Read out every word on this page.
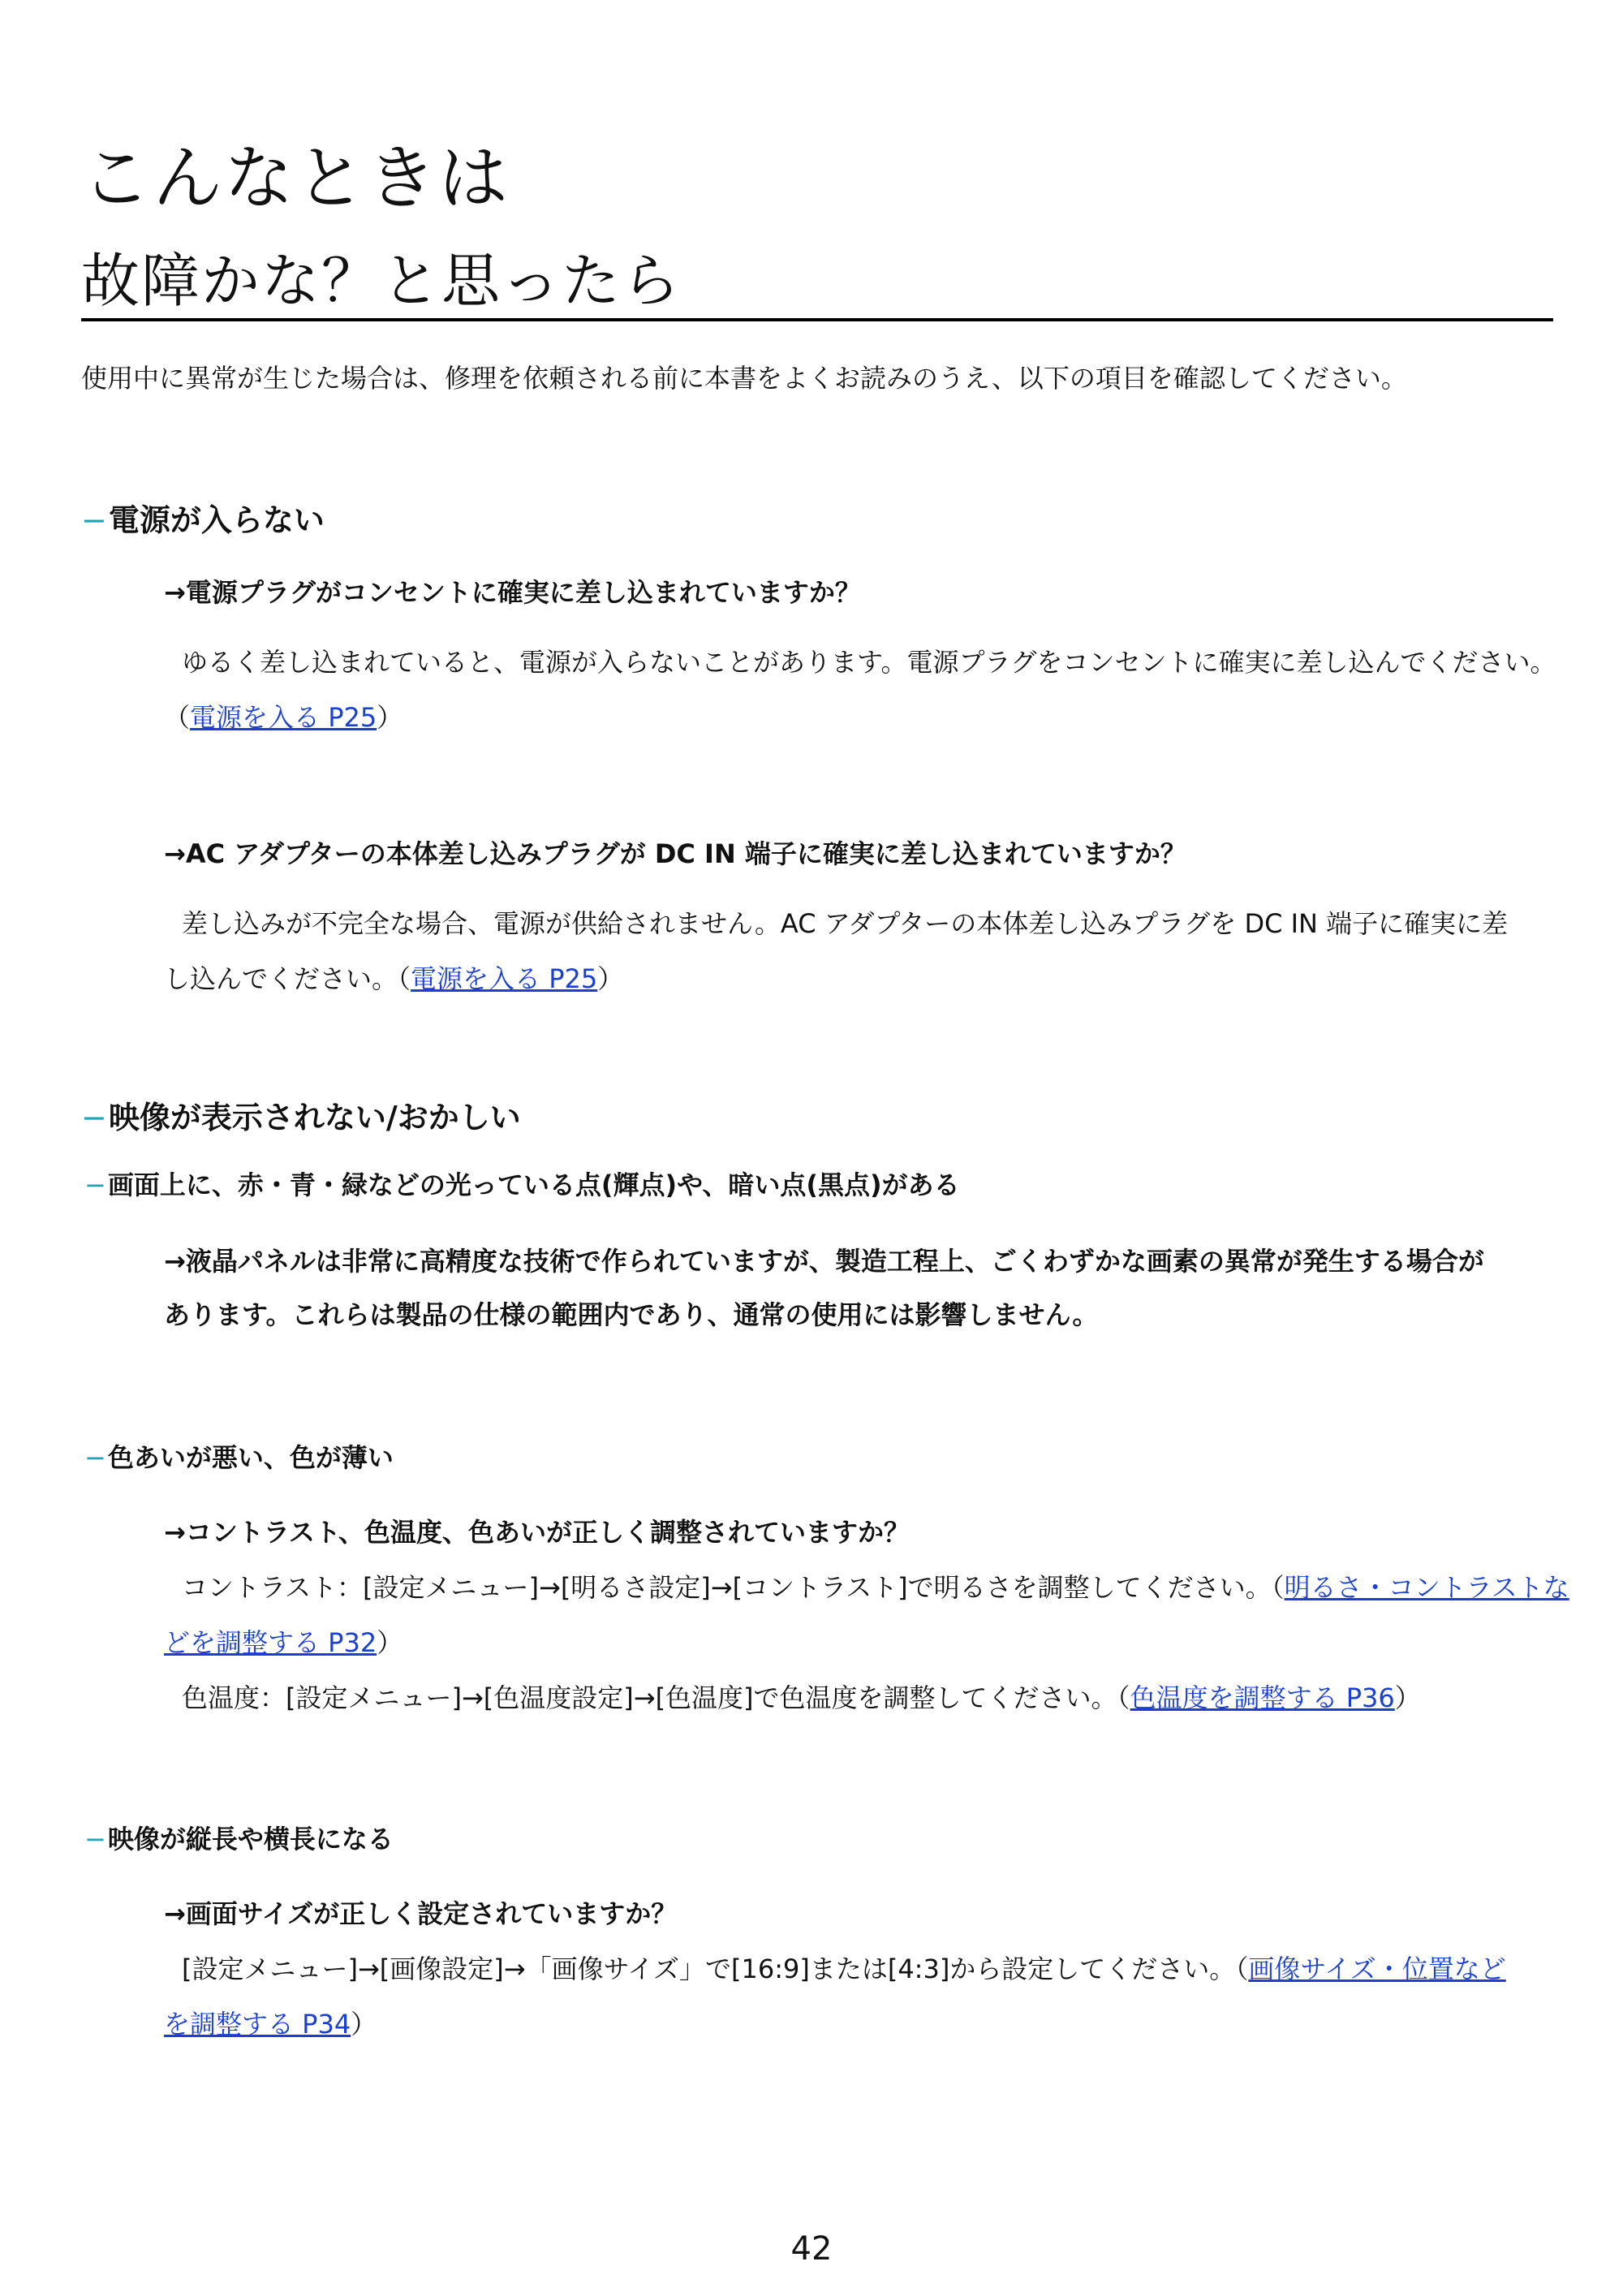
こんなときは
故障かな？と思ったら
使用中に異常が生じた場合は、修理を依頼される前に本書をよくお読みのうえ、以下の項目を確認してください。
−電源が入らない
→電源プラグがコンセントに確実に差し込まれていますか？
ゆるく差し込まれていると、電源が入らないことがあります。電源プラグをコンセントに確実に差し込んでください。
（電源を入る P25）
→AC アダプターの本体差し込みプラグが DC IN 端子に確実に差し込まれていますか？
差し込みが不完全な場合、電源が供給されません。AC アダプターの本体差し込みプラグを DC IN 端子に確実に差
し込んでください。（電源を入る P25）
−映像が表示されない/おかしい
−画面上に、赤・青・緑などの光っている点(輝点)や、暗い点(黒点)がある
→液晶パネルは非常に高精度な技術で作られていますが、製造工程上、ごくわずかな画素の異常が発生する場合が
あります。これらは製品の仕様の範囲内であり、通常の使用には影響しません。
−色あいが悪い、色が薄い
→コントラスト、色温度、色あいが正しく調整されていますか？
コントラスト：[設定メニュー]→[明るさ設定]→[コントラスト]で明るさを調整してください。（明るさ・コントラストな
どを調整する P32）
色温度：[設定メニュー]→[色温度設定]→[色温度]で色温度を調整してください。（色温度を調整する P36）
−映像が縦長や横長になる
→画面サイズが正しく設定されていますか？
[設定メニュー]→[画像設定]→「画像サイズ」で[16:9]または[4:3]から設定してください。（画像サイズ・位置など
を調整する P34）
42
